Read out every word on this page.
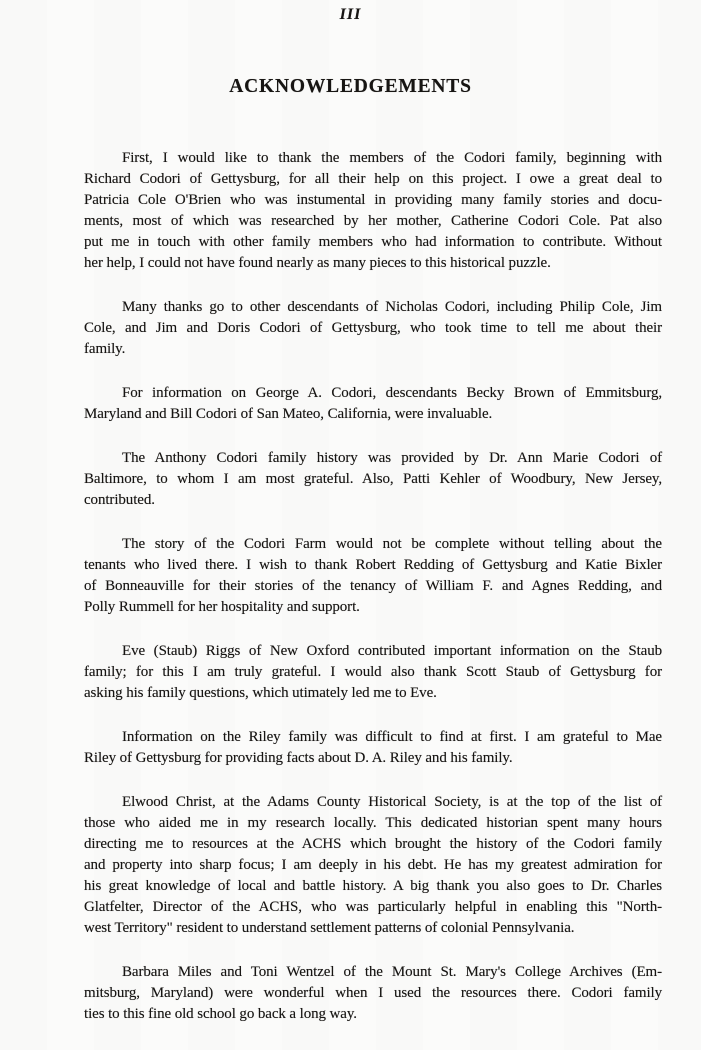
III
ACKNOWLEDGEMENTS
First, I would like to thank the members of the Codori family, beginning with
Richard Codori of Gettysburg, for all their help on this project. I owe a great deal to
Patricia Cole O'Brien who was instumental in providing many family stories and docu-
ments, most of which was researched by her mother, Catherine Codori Cole. Pat also
put me in touch with other family members who had information to contribute. Without
her help, I could not have found nearly as many pieces to this historical puzzle.
Many thanks go to other descendants of Nicholas Codori, including Philip Cole, Jim
Cole, and Jim and Doris Codori of Gettysburg, who took time to tell me about their
family.
For information on George A. Codori, descendants Becky Brown of Emmitsburg,
Maryland and Bill Codori of San Mateo, California, were invaluable.
The Anthony Codori family history was provided by Dr. Ann Marie Codori of
Baltimore, to whom I am most grateful. Also, Patti Kehler of Woodbury, New Jersey,
contributed.
The story of the Codori Farm would not be complete without telling about the
tenants who lived there. I wish to thank Robert Redding of Gettysburg and Katie Bixler
of Bonneauville for their stories of the tenancy of William F. and Agnes Redding, and
Polly Rummell for her hospitality and support.
Eve (Staub) Riggs of New Oxford contributed important information on the Staub
family; for this I am truly grateful. I would also thank Scott Staub of Gettysburg for
asking his family questions, which utimately led me to Eve.
Information on the Riley family was difficult to find at first. I am grateful to Mae
Riley of Gettysburg for providing facts about D. A. Riley and his family.
Elwood Christ, at the Adams County Historical Society, is at the top of the list of
those who aided me in my research locally. This dedicated historian spent many hours
directing me to resources at the ACHS which brought the history of the Codori family
and property into sharp focus; I am deeply in his debt. He has my greatest admiration for
his great knowledge of local and battle history. A big thank you also goes to Dr. Charles
Glatfelter, Director of the ACHS, who was particularly helpful in enabling this "North-
west Territory" resident to understand settlement patterns of colonial Pennsylvania.
Barbara Miles and Toni Wentzel of the Mount St. Mary's College Archives (Em-
mitsburg, Maryland) were wonderful when I used the resources there. Codori family
ties to this fine old school go back a long way.
